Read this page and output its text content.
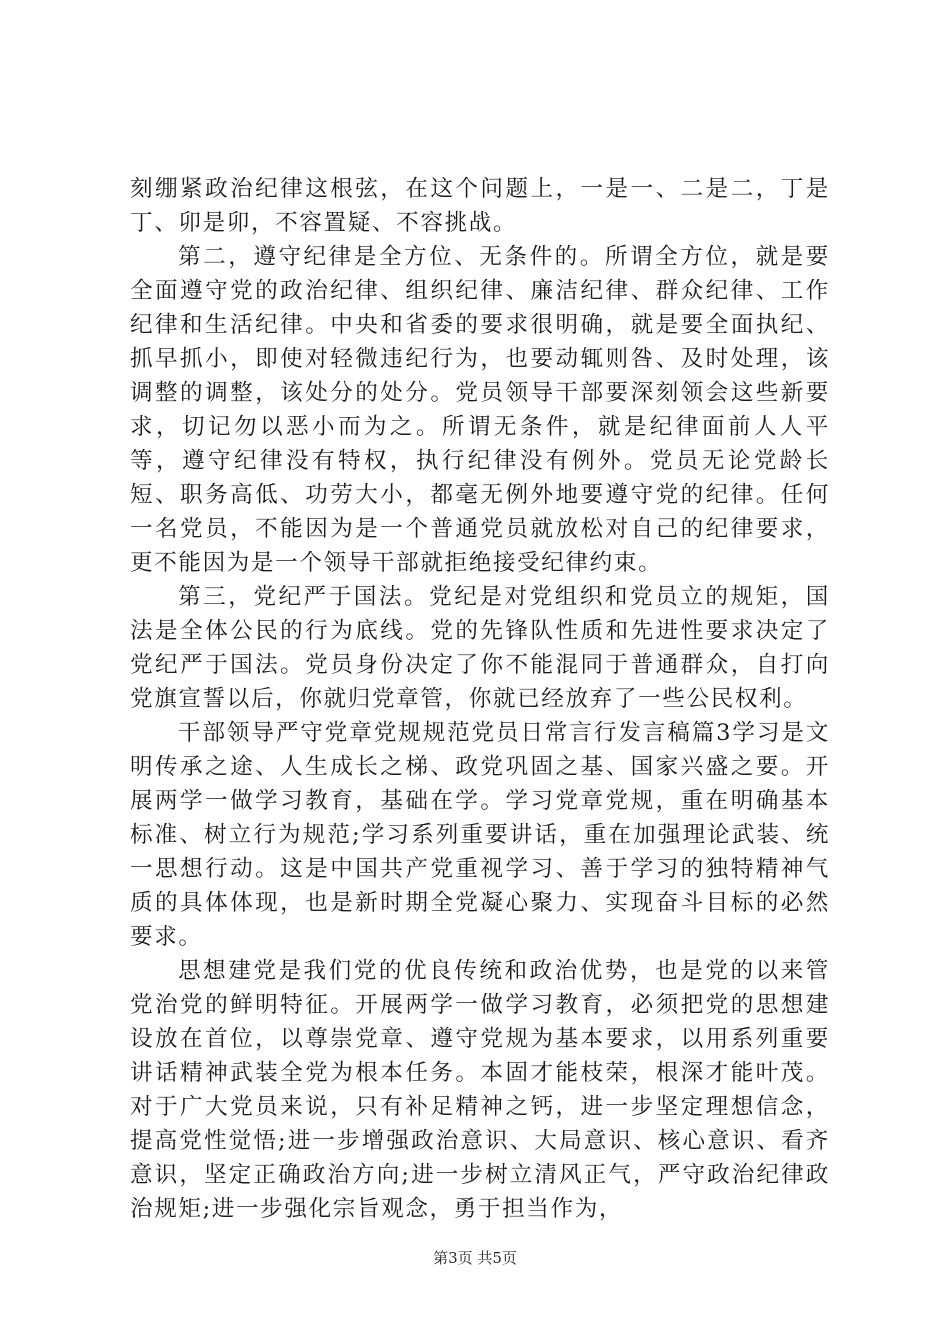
刻绷紧政治纪律这根弦，在这个问题上，一是一、二是二，丁是丁、卯是卯，不容置疑、不容挑战。

第二，遵守纪律是全方位、无条件的。所谓全方位，就是要全面遵守党的政治纪律、组织纪律、廉洁纪律、群众纪律、工作纪律和生活纪律。中央和省委的要求很明确，就是要全面执纪、抓早抓小，即使对轻微违纪行为，也要动辄则咎、及时处理，该调整的调整，该处分的处分。党员领导干部要深刻领会这些新要求，切记勿以恶小而为之。所谓无条件，就是纪律面前人人平等，遵守纪律没有特权，执行纪律没有例外。党员无论党龄长短、职务高低、功劳大小，都毫无例外地要遵守党的纪律。任何一名党员，不能因为是一个普通党员就放松对自己的纪律要求，更不能因为是一个领导干部就拒绝接受纪律约束。

第三，党纪严于国法。党纪是对党组织和党员立的规矩，国法是全体公民的行为底线。党的先锋队性质和先进性要求决定了党纪严于国法。党员身份决定了你不能混同于普通群众，自打向党旗宣誓以后，你就归党章管，你就已经放弃了一些公民权利。

干部领导严守党章党规规范党员日常言行发言稿篇3学习是文明传承之途、人生成长之梯、政党巩固之基、国家兴盛之要。开展两学一做学习教育，基础在学。学习党章党规，重在明确基本标准、树立行为规范;学习系列重要讲话，重在加强理论武装、统一思想行动。这是中国共产党重视学习、善于学习的独特精神气质的具体体现，也是新时期全党凝心聚力、实现奋斗目标的必然要求。

思想建党是我们党的优良传统和政治优势，也是党的以来管党治党的鲜明特征。开展两学一做学习教育，必须把党的思想建设放在首位，以尊崇党章、遵守党规为基本要求，以用系列重要讲话精神武装全党为根本任务。本固才能枝荣，根深才能叶茂。对于广大党员来说，只有补足精神之钙，进一步坚定理想信念，提高党性觉悟;进一步增强政治意识、大局意识、核心意识、看齐意识，坚定正确政治方向;进一步树立清风正气，严守政治纪律政治规矩;进一步强化宗旨观念，勇于担当作为，

第3页 共5页
